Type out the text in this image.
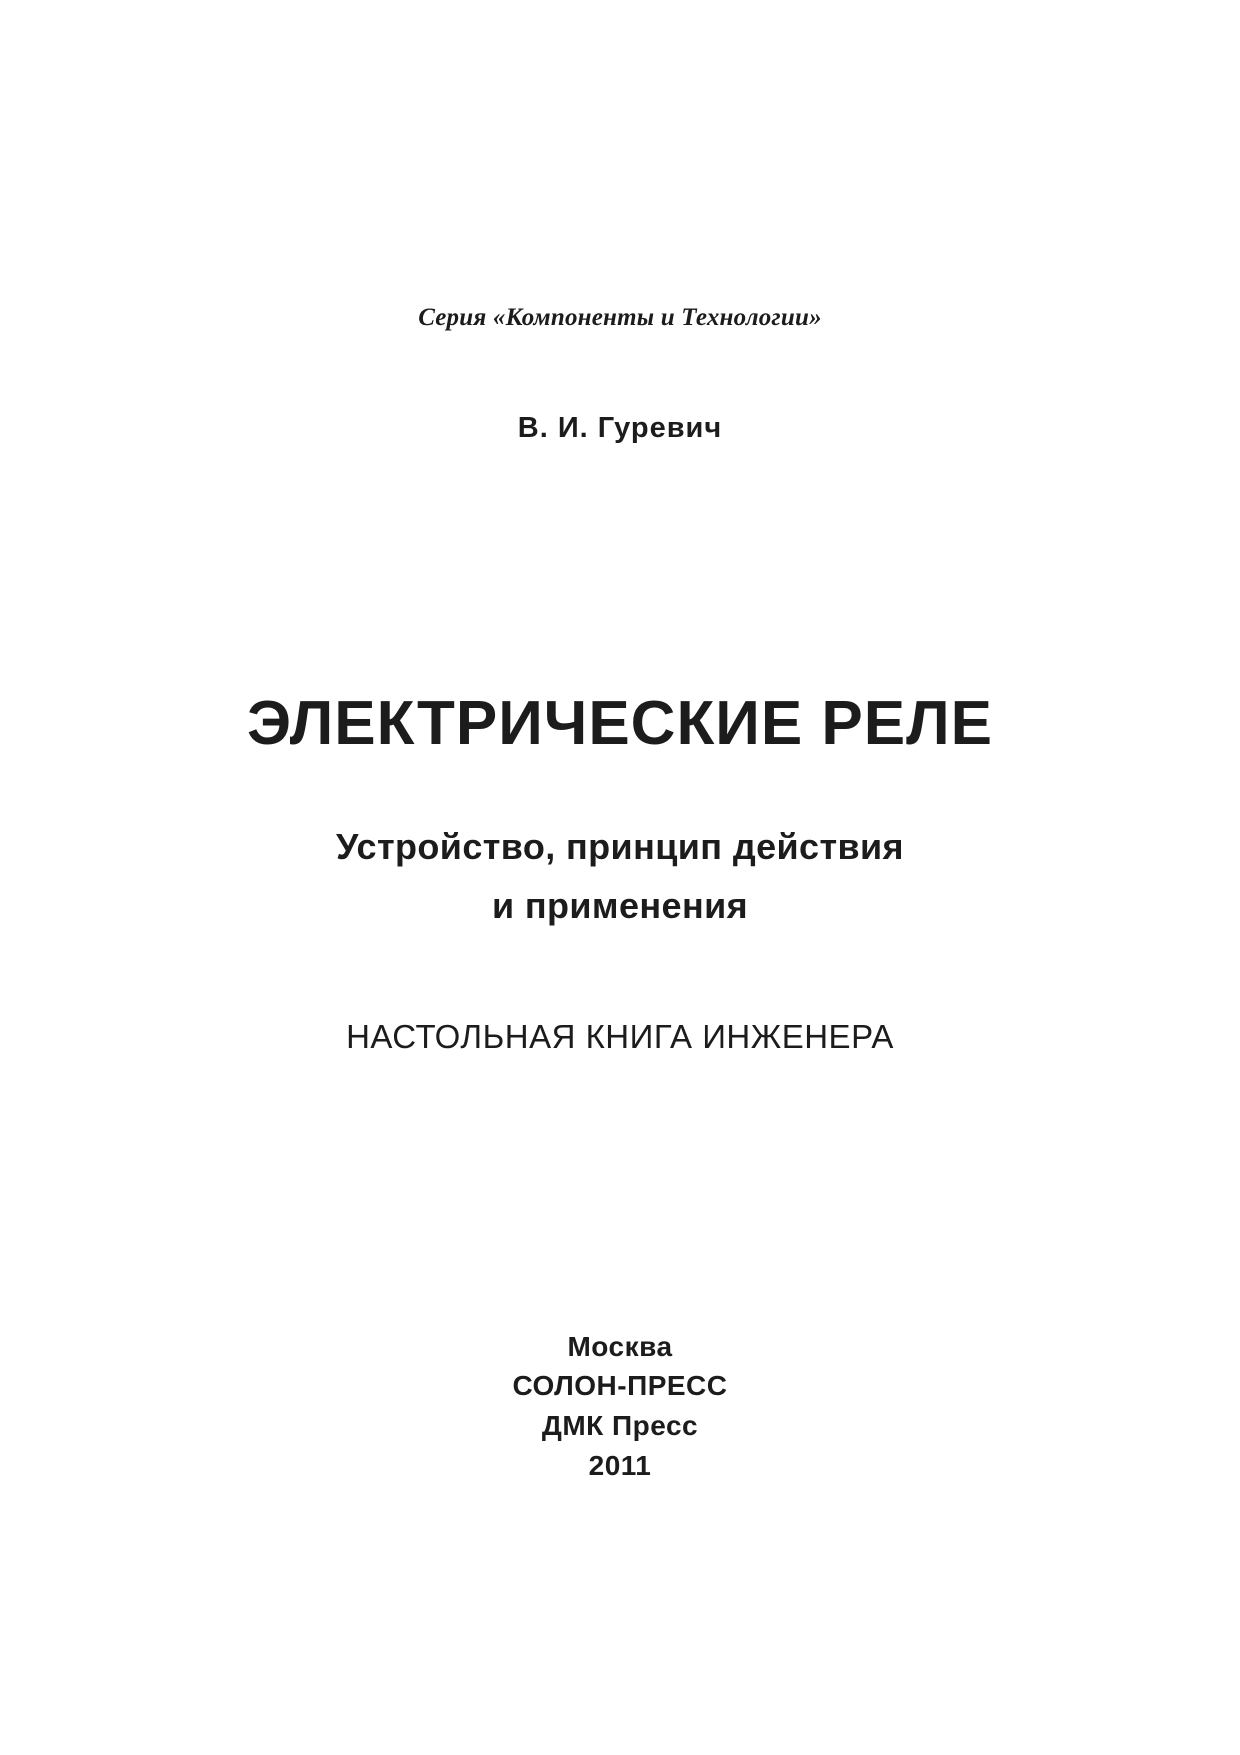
Серия «Компоненты и Технологии»
В. И. Гуревич
ЭЛЕКТРИЧЕСКИЕ РЕЛЕ
Устройство, принцип действия
и применения
НАСТОЛЬНАЯ КНИГА ИНЖЕНЕРА
Москва
СОЛОН-ПРЕСС
ДМК Пресс
2011
